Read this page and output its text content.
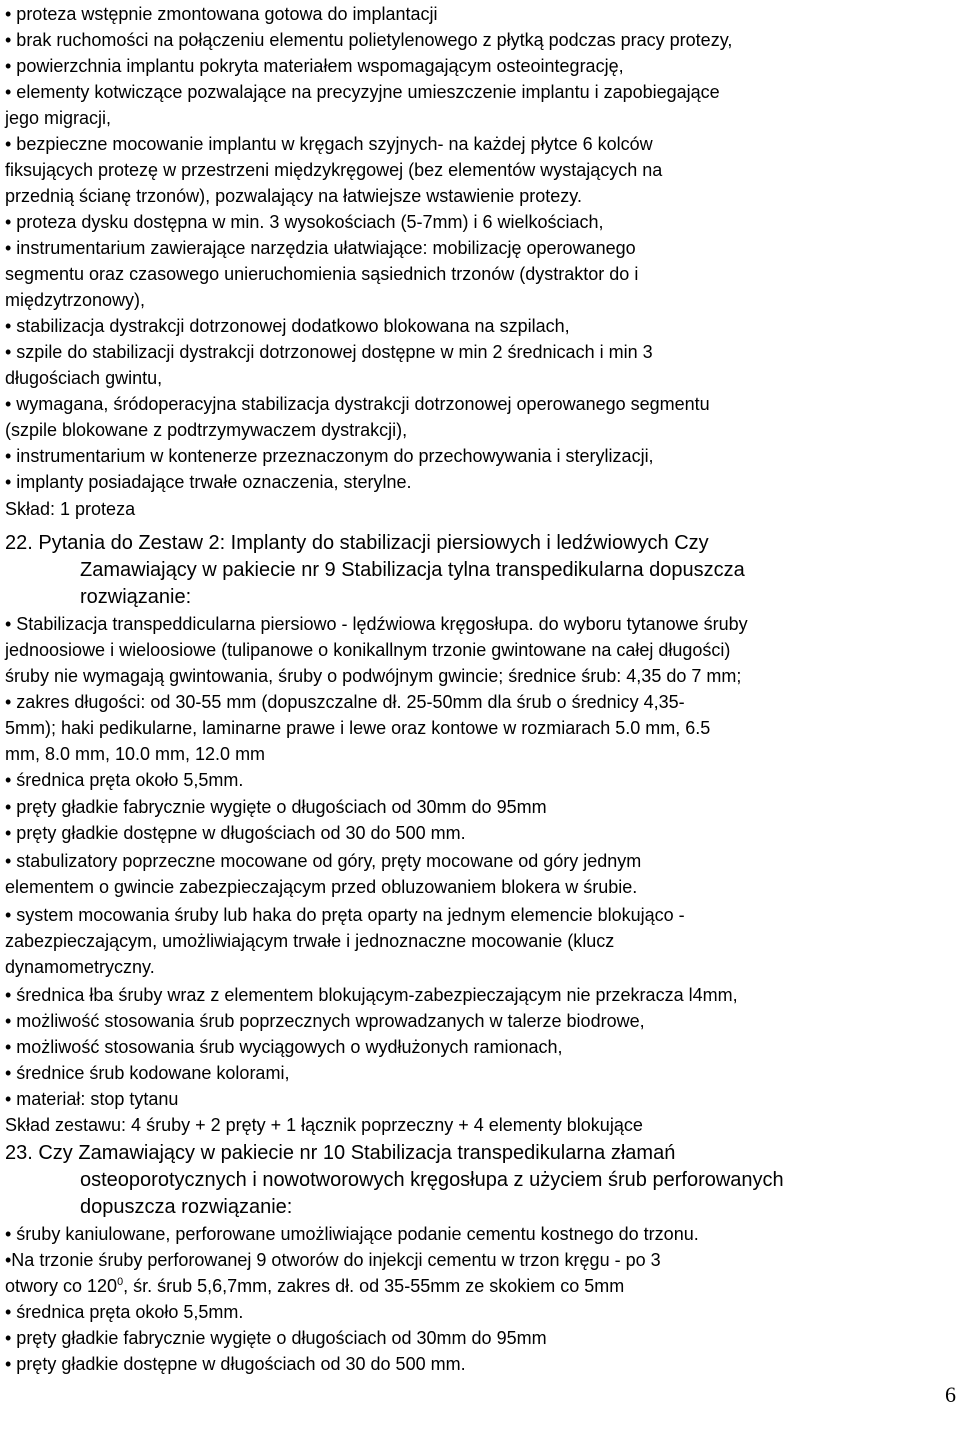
• proteza wstępnie zmontowana gotowa do implantacji
• brak ruchomości na połączeniu elementu polietylenowego z płytką podczas pracy protezy,
• powierzchnia implantu pokryta materiałem wspomagającym osteointegrację,
• elementy kotwiczące pozwalające na precyzyjne umieszczenie implantu i zapobiegające
jego migracji,
• bezpieczne mocowanie implantu w kręgach szyjnych- na każdej płytce 6 kolców
fiksujących protezę w przestrzeni międzykręgowej (bez elementów wystających na
przednią ścianę trzonów), pozwalający na łatwiejsze wstawienie protezy.
• proteza dysku dostępna w min. 3 wysokościach (5-7mm) i 6 wielkościach,
• instrumentarium zawierające narzędzia ułatwiające: mobilizację operowanego
segmentu oraz czasowego unieruchomienia sąsiednich trzonów (dystraktor do i
międzytrzonowy),
• stabilizacja dystrakcji dotrzonowej dodatkowo blokowana na szpilach,
• szpile do stabilizacji dystrakcji dotrzonowej dostępne w min 2 średnicach i min 3
długościach gwintu,
• wymagana, śródoperacyjna stabilizacja dystrakcji dotrzonowej operowanego segmentu
(szpile blokowane z podtrzymywaczem dystrakcji),
• instrumentarium w kontenerze przeznaczonym do przechowywania i sterylizacji,
• implanty posiadające trwałe oznaczenia, sterylne.
Skład: 1 proteza
22. Pytania do Zestaw 2: Implanty do stabilizacji piersiowych i ledźwiowych Czy
Zamawiający w pakiecie nr 9 Stabilizacja tylna transpedikularna dopuszcza
rozwiązanie:
• Stabilizacja transpeddicularna piersiowo - lędźwiowa kręgosłupa. do wyboru tytanowe śruby
jednoosiowe i wieloosiowe (tulipanowe o konikallnym trzonie gwintowane na całej długości)
śruby nie wymagają gwintowania, śruby o podwójnym gwincie; średnice śrub: 4,35 do 7 mm;
• zakres długości: od 30-55 mm (dopuszczalne dł. 25-50mm dla śrub o średnicy 4,35-
5mm); haki pedikularne, laminarne prawe i lewe oraz kontowe w rozmiarach 5.0 mm, 6.5
mm, 8.0 mm, 10.0 mm, 12.0 mm
• średnica pręta około 5,5mm.
• pręty gładkie fabrycznie wygięte o długościach od 30mm do 95mm
• pręty gładkie dostępne w długościach od 30 do 500 mm.
• stabulizatory poprzeczne mocowane od góry, pręty mocowane od góry jednym
elementem o gwincie zabezpieczającym przed obluzowaniem blokera w śrubie.
• system mocowania śruby lub haka do pręta oparty na jednym elemencie blokująco -
zabezpieczającym, umożliwiającym trwałe i jednoznaczne mocowanie (klucz
dynamometryczny.
• średnica łba śruby wraz z elementem blokującym-zabezpieczającym nie przekracza l4mm,
• możliwość stosowania śrub poprzecznych wprowadzanych w talerze biodrowe,
• możliwość stosowania śrub wyciągowych o wydłużonych ramionach,
• średnice śrub kodowane kolorami,
• materiał: stop tytanu
Skład zestawu: 4 śruby + 2 pręty + 1 łącznik poprzeczny + 4 elementy blokujące
23. Czy Zamawiający w pakiecie nr 10 Stabilizacja transpedikularna złamań
osteoporotycznych i nowotworowych kręgosłupa z użyciem śrub perforowanych
dopuszcza rozwiązanie:
• śruby kaniulowane, perforowane umożliwiające podanie cementu kostnego do trzonu.
•Na trzonie śruby perforowanej 9 otworów do injekcji cementu w trzon kręgu - po 3
otwory co $120^0$, śr. śrub 5,6,7mm, zakres dł. od 35-55mm ze skokiem co 5mm
• średnica pręta około 5,5mm.
• pręty gładkie fabrycznie wygięte o długościach od 30mm do 95mm
• pręty gładkie dostępne w długościach od 30 do 500 mm.
6
